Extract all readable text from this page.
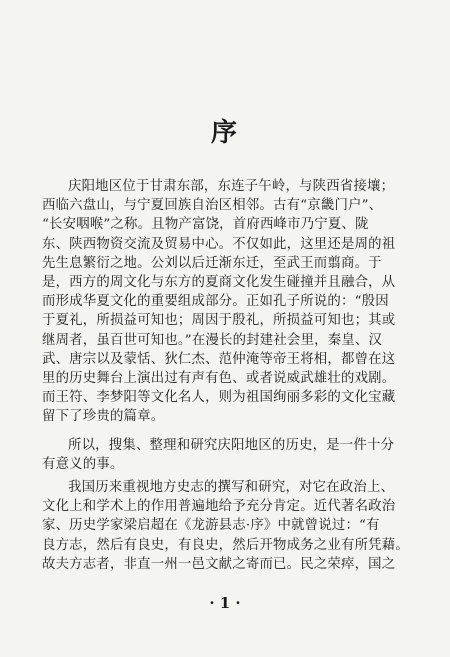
序
庆阳地区位于甘肃东部，东连子午岭，与陕西省接壤；
西临六盘山，与宁夏回族自治区相邻。古有“京畿门户”、
“长安咽喉”之称。且物产富饶，首府西峰市乃宁夏、陇
东、陕西物资交流及贸易中心。不仅如此，这里还是周的祖
先生息繁衍之地。公刘以后迁渐东迁，至武王而翦商。于
是，西方的周文化与东方的夏商文化发生碰撞并且融合，从
而形成华夏文化的重要组成部分。正如孔子所说的：“殷因
于夏礼，所损益可知也；周因于殷礼，所损益可知也；其或
继周者，虽百世可知也。”在漫长的封建社会里，秦皇、汉
武、唐宗以及蒙恬、狄仁杰、范仲淹等帝王将相，都曾在这
里的历史舞台上演出过有声有色、或者说威武雄壮的戏剧。
而王符、李梦阳等文化名人，则为祖国绚丽多彩的文化宝藏
留下了珍贵的篇章。
所以，搜集、整理和研究庆阳地区的历史，是一件十分
有意义的事。
我国历来重视地方史志的撰写和研究，对它在政治上、
文化上和学术上的作用普遍地给予充分肯定。近代著名政治
家、历史学家梁启超在《龙游县志·序》中就曾说过：“有
良方志，然后有良史，有良史，然后开物成务之业有所凭藉。
故夫方志者，非直一州一邑文献之寄而已。民之荣瘁，国之
· 1 ·
